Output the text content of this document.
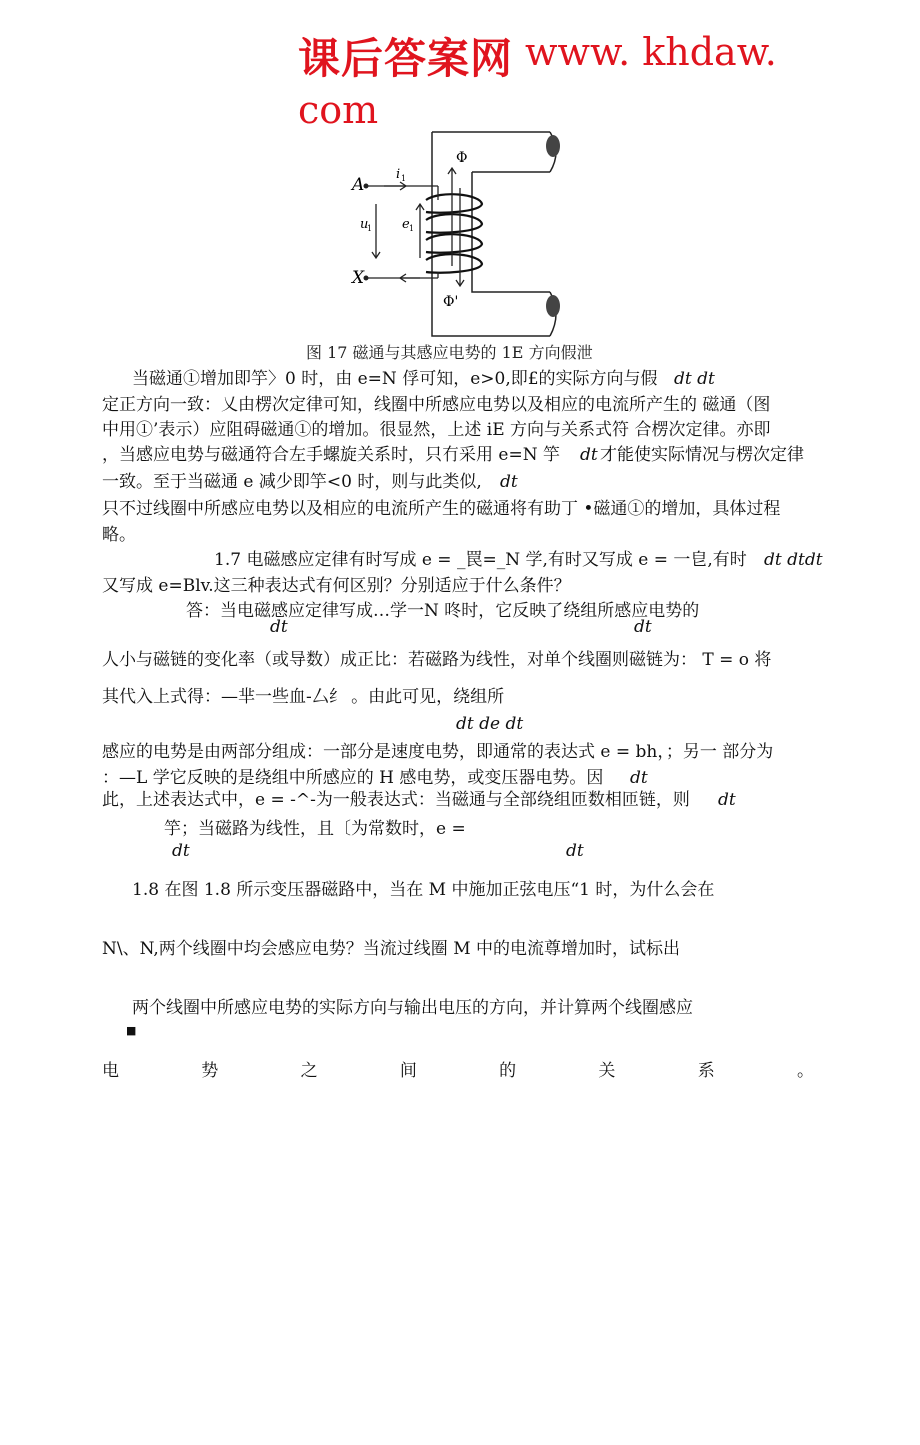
课后答案网 www. khdaw.
com
A
X
i 1
u
1 e 1
Φ
Φ'
图 17 磁通与其感应电势的 1E 方向假泄
当磁通①增加即竽〉0 时，由 e=N 俘可知，e>0,即£的实际方向与假 dt dt
定正方向一致：乂由楞次定律可知，线圈中所感应电势以及相应的电流所产生的 磁通（图
中用①’表示）应阻碍磁通①的增加。很显然，上述 iE 方向与关系式符 合楞次定律。亦即
，当感应电势与磁通符合左手螺旋关系时，只冇采用 e=N 竽 dt 才能使实际情况与楞次定律
一致。至于当磁通 e 减少即竽<0 时，则与此类似, dt
只不过线圈中所感应电势以及相应的电流所产生的磁通将有助丁 •磁通①的增加，具体过程
略。
1.7 电磁感应定律有时写成 e = _罠=_N 学,有时又写成 e = 一皀,有时 dt dtdt
又写成 e=Blv.这三种表达式有何区别？分别适应于什么条件？
答：当电磁感应定律写成…学一N 咚时，它反映了绕组所感应电势的
dt	dt
人小与磁链的变化率（或导数）成正比：若磁路为线性，对单个线圈则磁链为： T = o 将
其代入上式得：—芈一些血-厶纟 。由此可见，绕组所
dt de dt
感应的电势是由两部分组成：一部分是速度电势，即通常的表达式 e = bh，；另一 部分为
：—L 学它反映的是绕组中所感应的 H 感电势，或变压器电势。因 dt
此，上述表达式中，e = -^-为一般表达式：当磁通与全部绕组匝数相匝链，则 dt
竽；当磁路为线性，且〔为常数时，e =
dt	dt
1.8 在图 1.8 所示变压器磁路中，当在 M 中施加正弦电压“1 时，为什么会在
N\、N,两个线圈中均会感应电势？当流过线圈 M 中的电流尊增加时，试标出
两个线圈中所感应电势的实际方向与输出电压的方向，并计算两个线圈感应
■
电	势	之	间	的	关	系	。
